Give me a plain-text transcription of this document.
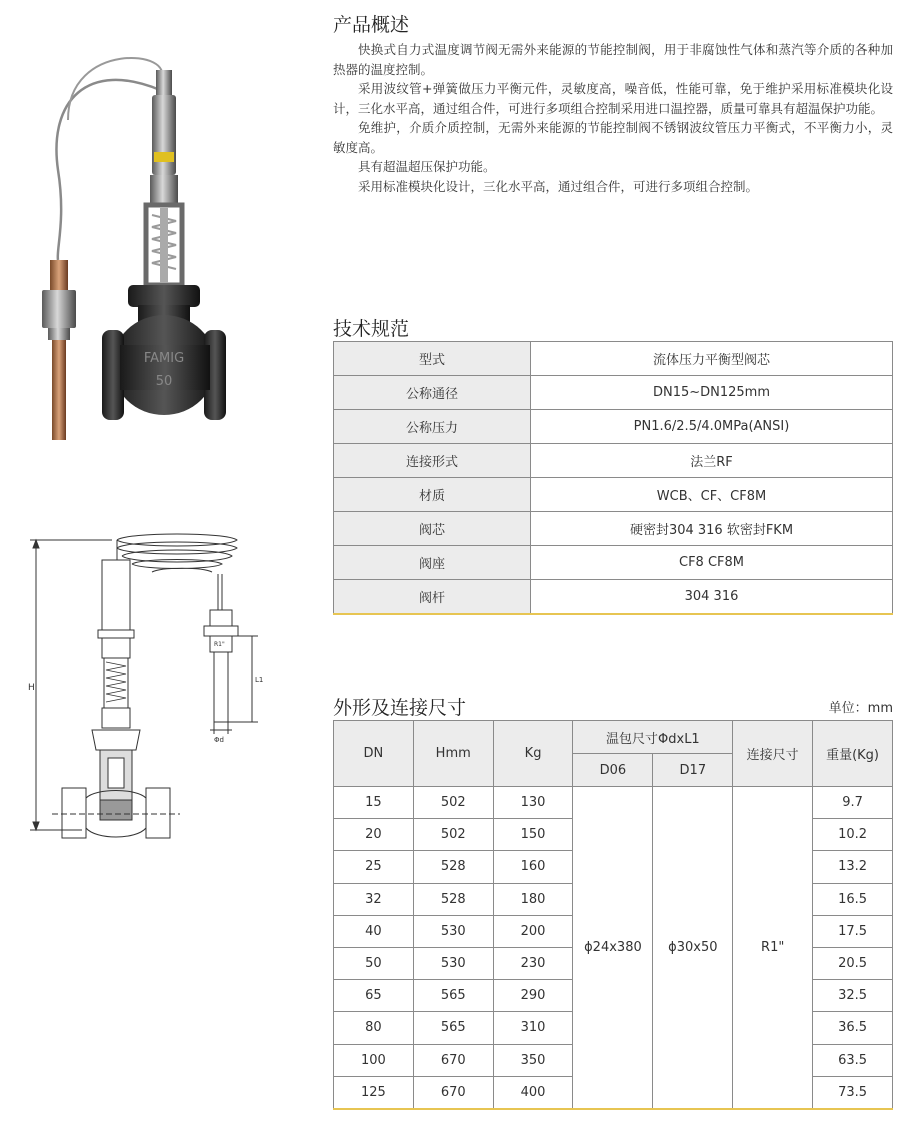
FAMIG
50
H
R1"
L1
Φd
产品概述

快换式自力式温度调节阀无需外来能源的节能控制阀，用于非腐蚀性气体和蒸汽等介质的各种加热器的温度控制。

采用波纹管+弹簧做压力平衡元件，灵敏度高，噪音低，性能可靠，免于维护采用标准模块化设计，三化水平高，通过组合件，可进行多项组合控制采用进口温控器，质量可靠具有超温保护功能。

免维护，介质介质控制，无需外来能源的节能控制阀不锈钢波纹管压力平衡式，不平衡力小，灵敏度高。

具有超温超压保护功能。

采用标准模块化设计，三化水平高，通过组合件，可进行多项组合控制。

技术规范
型式	流体压力平衡型阀芯
公称通径	DN15~DN125mm
公称压力	PN1.6/2.5/4.0MPa(ANSI)
连接形式	法兰RF
材质	WCB、CF、CF8M
阀芯	硬密封304 316 软密封FKM
阀座	CF8 CF8M
阀杆	304 316
外形及连接尺寸	单位：mm
DN	Hmm	Kg	温包尺寸ΦdxL1		连接尺寸	重量(Kg)
			D06	D17		
15	502	130	ϕ24x380	ϕ30x50	R1"	9.7
20	502	150				10.2
25	528	160				13.2
32	528	180				16.5
40	530	200				17.5
50	530	230				20.5
65	565	290				32.5
80	565	310				36.5
100	670	350				63.5
125	670	400				73.5
